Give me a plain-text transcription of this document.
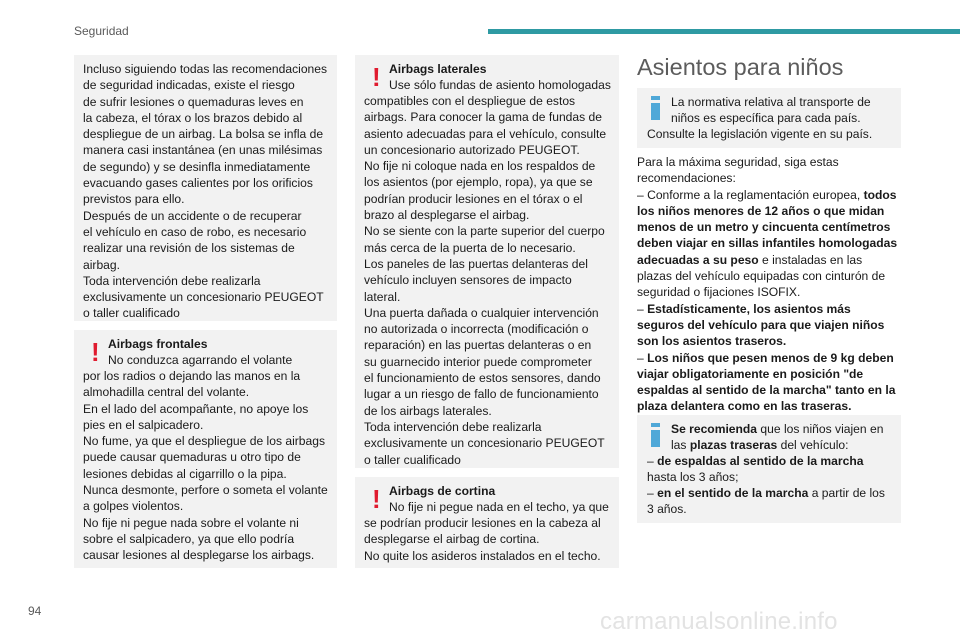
Seguridad

Incluso siguiendo todas las recomendaciones
de seguridad indicadas, existe el riesgo
de sufrir lesiones o quemaduras leves en
la cabeza, el tórax o los brazos debido al
despliegue de un airbag. La bolsa se infla de
manera casi instantánea (en unas milésimas
de segundo) y se desinfla inmediatamente
evacuando gases calientes por los orificios
previstos para ello.
Después de un accidente o de recuperar
el vehículo en caso de robo, es necesario
realizar una revisión de los sistemas de
airbag.
Toda intervención debe realizarla
exclusivamente un concesionario PEUGEOT
o taller cualificado

! Airbags frontales
No conduzca agarrando el volante
por los radios o dejando las manos en la
almohadilla central del volante.
En el lado del acompañante, no apoye los
pies en el salpicadero.
No fume, ya que el despliegue de los airbags
puede causar quemaduras u otro tipo de
lesiones debidas al cigarrillo o la pipa.
Nunca desmonte, perfore o someta el volante
a golpes violentos.
No fije ni pegue nada sobre el volante ni
sobre el salpicadero, ya que ello podría
causar lesiones al desplegarse los airbags.
! Airbags laterales
Use sólo fundas de asiento homologadas
compatibles con el despliegue de estos
airbags. Para conocer la gama de fundas de
asiento adecuadas para el vehículo, consulte
un concesionario autorizado PEUGEOT.
No fije ni coloque nada en los respaldos de
los asientos (por ejemplo, ropa), ya que se
podrían producir lesiones en el tórax o el
brazo al desplegarse el airbag.
No se siente con la parte superior del cuerpo
más cerca de la puerta de lo necesario.
Los paneles de las puertas delanteras del
vehículo incluyen sensores de impacto
lateral.
Una puerta dañada o cualquier intervención
no autorizada o incorrecta (modificación o
reparación) en las puertas delanteras o en
su guarnecido interior puede comprometer
el funcionamiento de estos sensores, dando
lugar a un riesgo de fallo de funcionamiento
de los airbags laterales.
Toda intervención debe realizarla
exclusivamente un concesionario PEUGEOT
o taller cualificado
! Airbags de cortina
No fije ni pegue nada en el techo, ya que
se podrían producir lesiones en la cabeza al
desplegarse el airbag de cortina.
No quite los asideros instalados en el techo.
Asientos para niños
La normativa relativa al transporte de
niños es específica para cada país.
Consulte la legislación vigente en su país.
Para la máxima seguridad, siga estas
recomendaciones:
– Conforme a la reglamentación europea, todos
los niños menores de 12 años o que midan
menos de un metro y cincuenta centímetros
deben viajar en sillas infantiles homologadas
adecuadas a su peso e instaladas en las
plazas del vehículo equipadas con cinturón de
seguridad o fijaciones ISOFIX.
– Estadísticamente, los asientos más
seguros del vehículo para que viajen niños
son los asientos traseros.
– Los niños que pesen menos de 9 kg deben
viajar obligatoriamente en posición "de
espaldas al sentido de la marcha" tanto en la
plaza delantera como en las traseras.
Se recomienda que los niños viajen en
las plazas traseras del vehículo:
– de espaldas al sentido de la marcha
hasta los 3 años;
– en el sentido de la marcha a partir de los
3 años.
94	carmanualsonline.info
